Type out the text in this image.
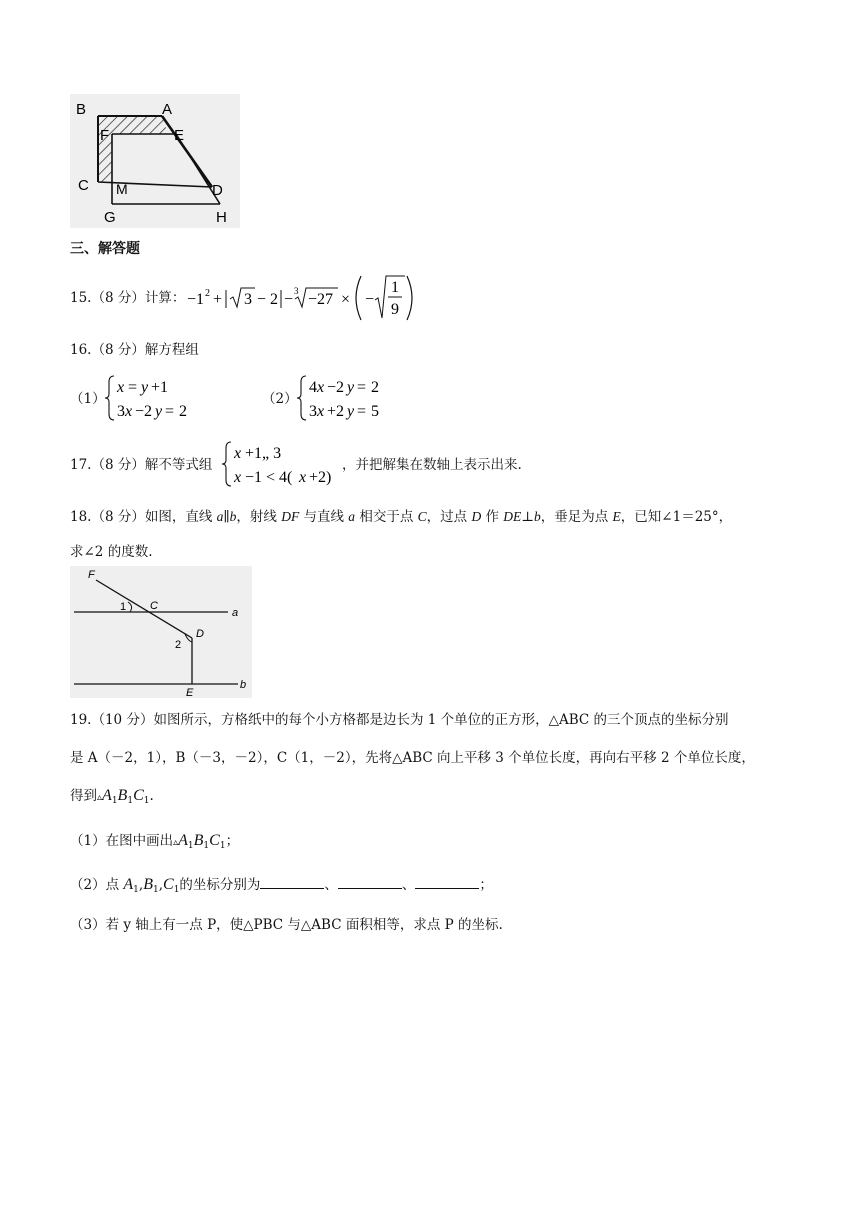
B	A
F	E
C M	D
G	H
三、解答题
15.（8 分）计算： −1 2 + 3 − 2 − 3 −27 × −
1
9
16.（8 分）解方程组
（1）
x = y +1
3 x −2 y = 2
（2）
4 x −2 y = 2
3 x +2 y = 5
17.（8 分）解不等式组
x +1„ 3
x −1 < 4( x +2)
，并把解集在数轴上表示出来.
18.（8 分）如图，直线 a∥b，射线 DF 与直线 a 相交于点 C，过点 D 作 DE⊥b，垂足为点 E，已知∠1＝25°，
求∠2 的度数.
F
C
1	a
2
D
E
b
19.（10 分）如图所示，方格纸中的每个小方格都是边长为 1 个单位的正方形，△ABC 的三个顶点的坐标分别
是 A（－2，1），B（－3，－2），C（1，－2），先将△ABC 向上平移 3 个单位长度，再向右平移 2 个单位长度，
得到$▵A_1B_1C_1$.
（1）在图中画出$▵A_1B_1C_1$；
（2）点 $A_1,B_1,C_1$的坐标分别为	、	、	；
（3）若 y 轴上有一点 P，使△PBC 与△ABC 面积相等，求点 P 的坐标.
